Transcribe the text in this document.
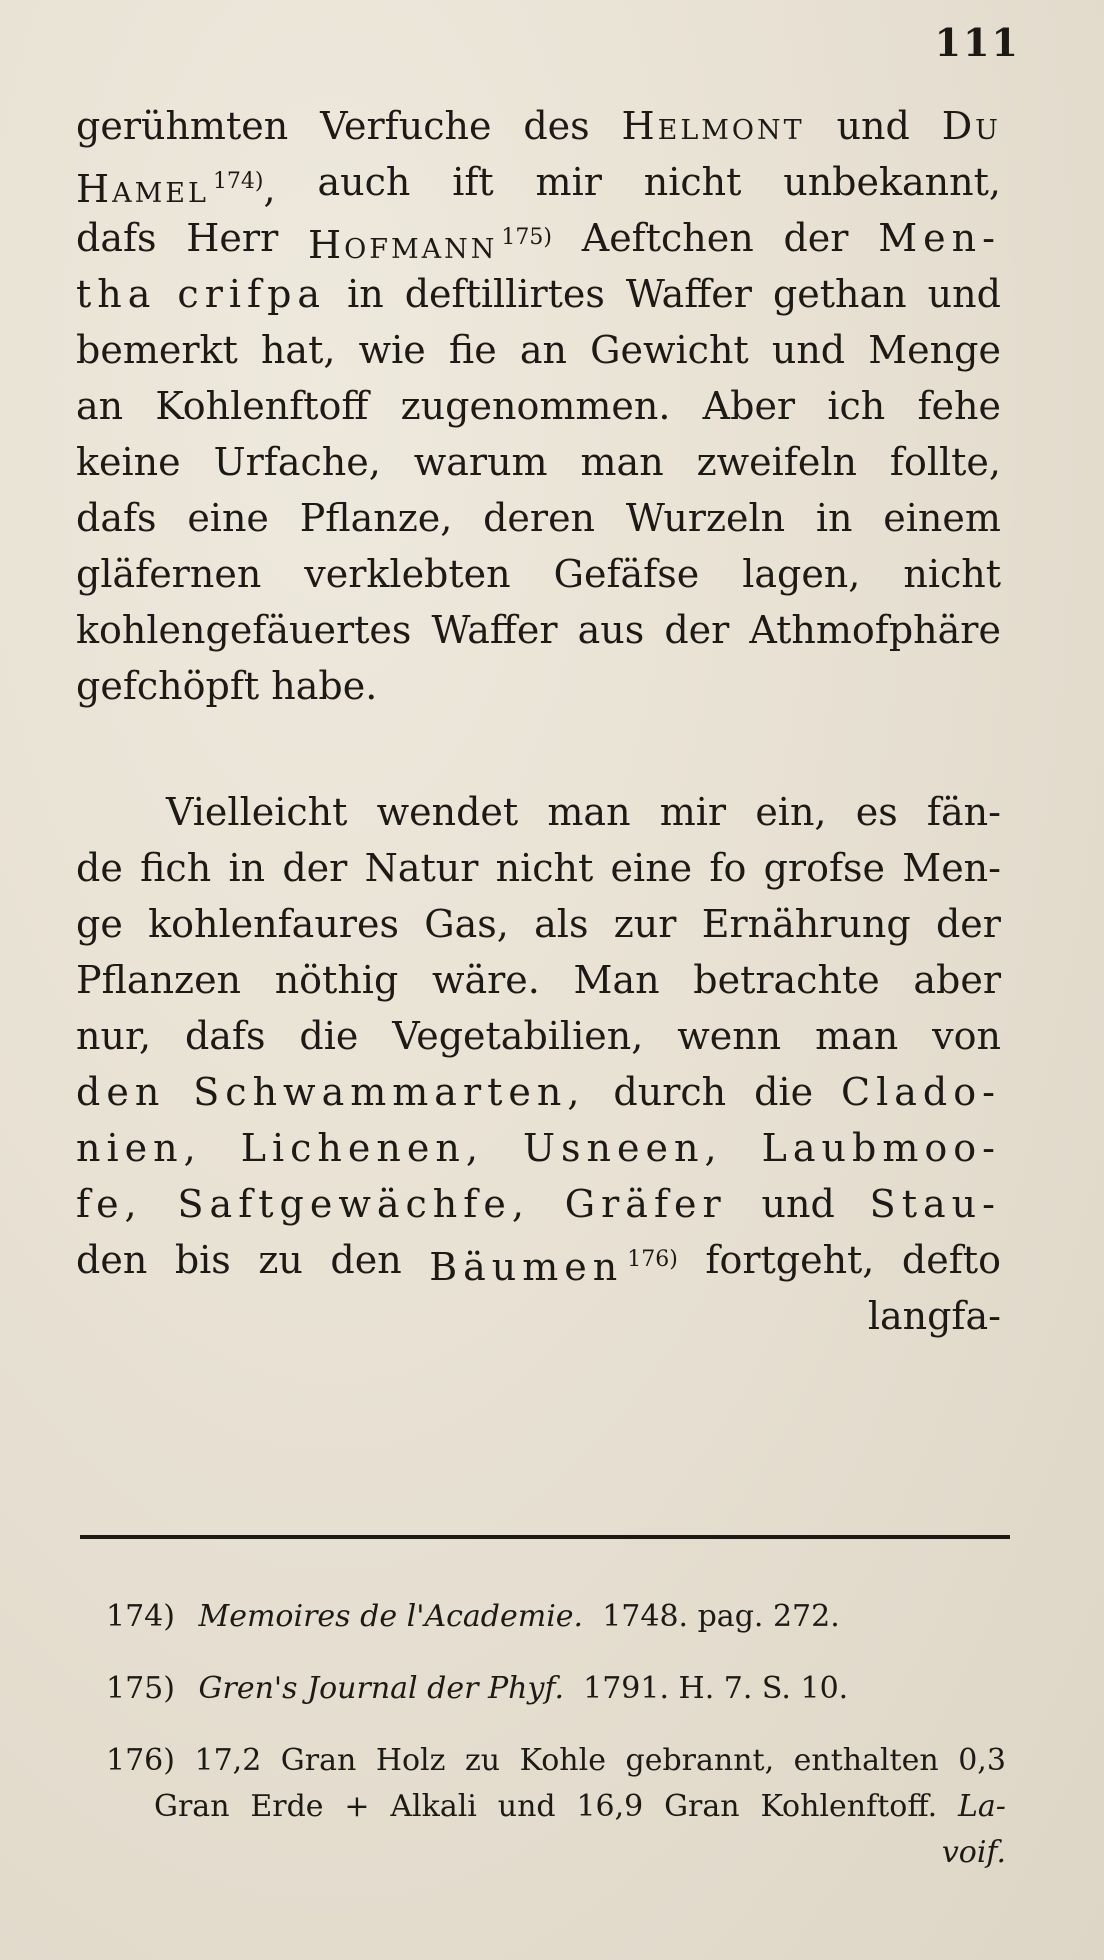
111
gerühmten Verfuche des Helmont und Du
Hamel $^{174)}$, auch ift mir nicht unbekannt,
dafs Herr Hofmann $^{175)}$ Aeftchen der Men-
tha crifpa in deftillirtes Waffer gethan und
bemerkt hat, wie fie an Gewicht und Menge
an Kohlenftoff zugenommen. Aber ich fehe
keine Urfache, warum man zweifeln follte,
dafs eine Pflanze, deren Wurzeln in einem
gläfernen verklebten Gefäfse lagen, nicht
kohlengefäuertes Waffer aus der Athmofphäre
gefchöpft
habe.
Vielleicht wendet man mir ein, es fän-
de fich in der Natur nicht eine fo grofse Men-
ge kohlenfaures Gas, als zur Ernährung der
Pflanzen nöthig wäre. Man betrachte aber
nur, dafs die Vegetabilien, wenn man von
den Schwammarten, durch die Clado-
nien, Lichenen, Usneen, Laubmoo-
fe, Saftgewächfe, Gräfer und Stau-
den bis zu den Bäumen $^{176)}$ fortgeht, defto
langfa-
174) Memoires de l'Academie. 1748. pag. 272.
175) Gren's Journal der Phyf. 1791. H. 7. S. 10.
176) 17,2 Gran Holz zu Kohle gebrannt, enthalten 0,3
Gran Erde + Alkali und 16,9 Gran Kohlenftoff. La-
voif.
